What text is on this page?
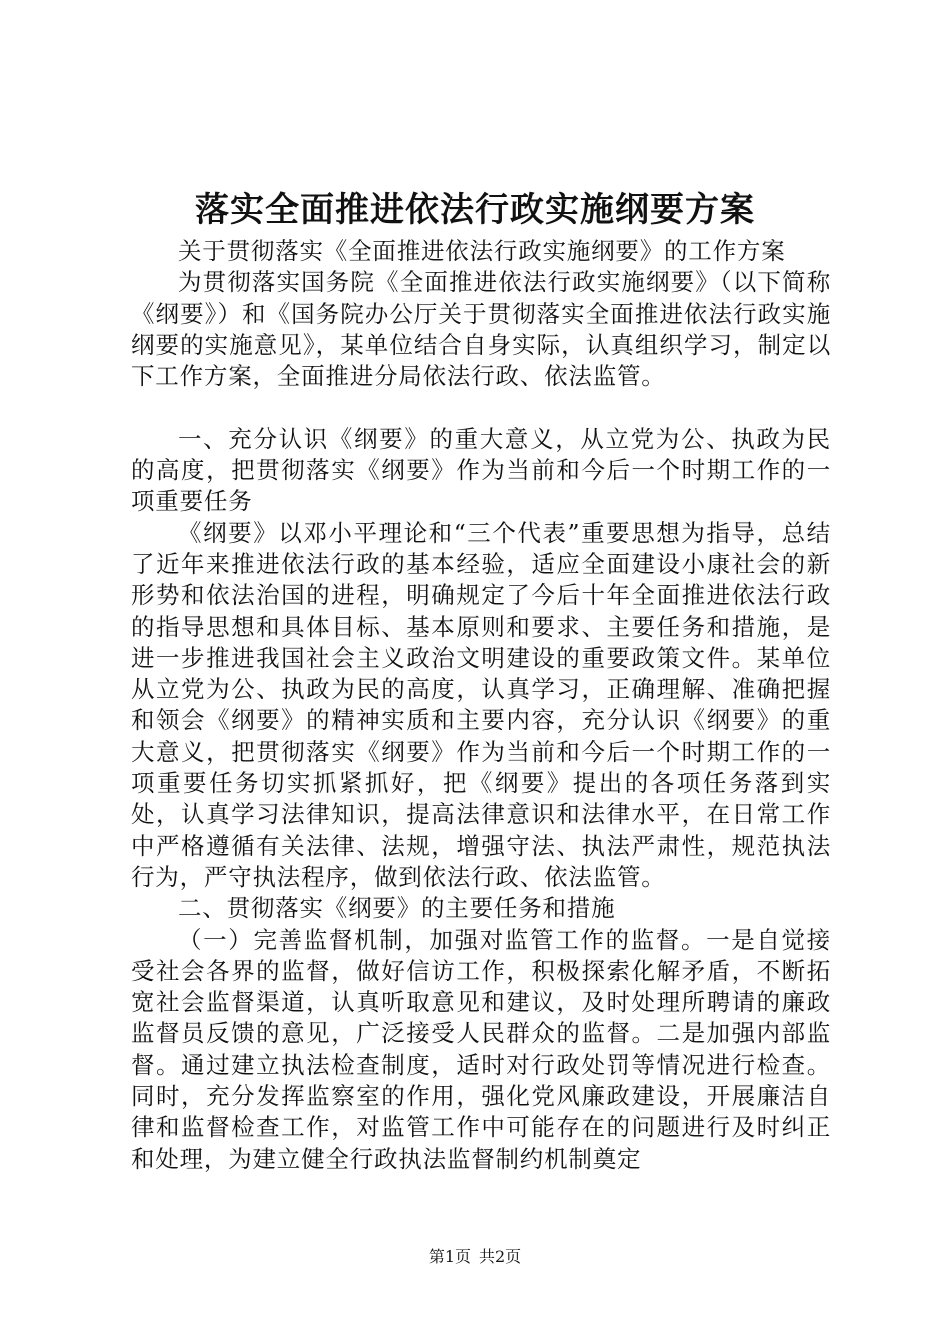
落实全面推进依法行政实施纲要方案

关于贯彻落实《全面推进依法行政实施纲要》的工作方案

为贯彻落实国务院《全面推进依法行政实施纲要》（以下简称《纲要》）和《国务院办公厅关于贯彻落实全面推进依法行政实施纲要的实施意见》，某单位结合自身实际，认真组织学习，制定以下工作方案，全面推进分局依法行政、依法监管。

一、充分认识《纲要》的重大意义，从立党为公、执政为民的高度，把贯彻落实《纲要》作为当前和今后一个时期工作的一项重要任务

《纲要》以邓小平理论和“三个代表”重要思想为指导，总结了近年来推进依法行政的基本经验，适应全面建设小康社会的新形势和依法治国的进程，明确规定了今后十年全面推进依法行政的指导思想和具体目标、基本原则和要求、主要任务和措施，是进一步推进我国社会主义政治文明建设的重要政策文件。某单位从立党为公、执政为民的高度，认真学习，正确理解、准确把握和领会《纲要》的精神实质和主要内容，充分认识《纲要》的重大意义，把贯彻落实《纲要》作为当前和今后一个时期工作的一项重要任务切实抓紧抓好，把《纲要》提出的各项任务落到实处，认真学习法律知识，提高法律意识和法律水平，在日常工作中严格遵循有关法律、法规，增强守法、执法严肃性，规范执法行为，严守执法程序，做到依法行政、依法监管。

二、贯彻落实《纲要》的主要任务和措施

（一）完善监督机制，加强对监管工作的监督。一是自觉接受社会各界的监督，做好信访工作，积极探索化解矛盾，不断拓宽社会监督渠道，认真听取意见和建议，及时处理所聘请的廉政监督员反馈的意见，广泛接受人民群众的监督。二是加强内部监督。通过建立执法检查制度，适时对行政处罚等情况进行检查。同时，充分发挥监察室的作用，强化党风廉政建设，开展廉洁自律和监督检查工作，对监管工作中可能存在的问题进行及时纠正和处理，为建立健全行政执法监督制约机制奠定

第1页 共2页
